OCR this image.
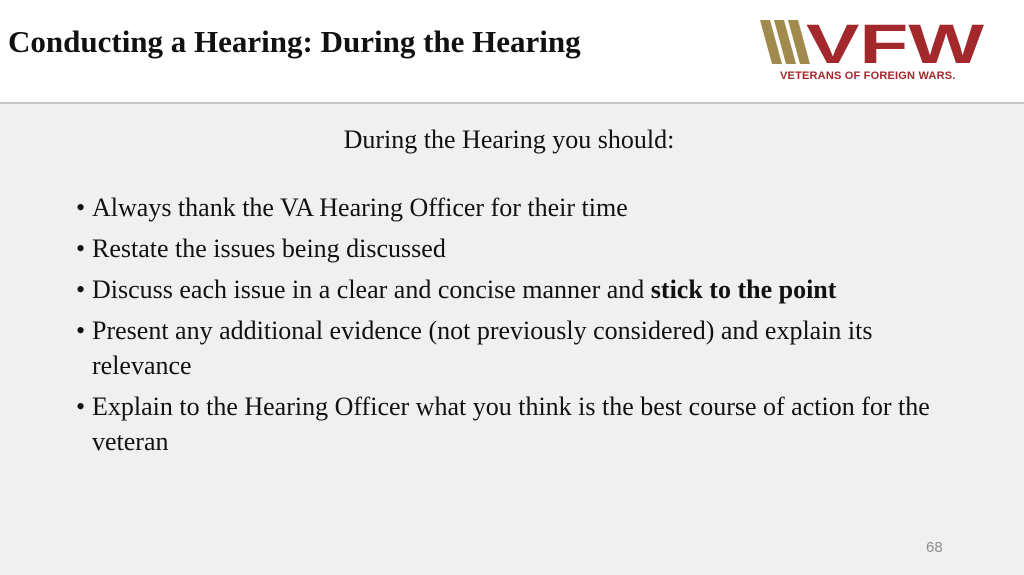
Conducting a Hearing: During the Hearing	VFW
VETERANS OF FOREIGN WARS.
During the Hearing you should:
• Always thank the VA Hearing Officer for their time
• Restate the issues being discussed
• Discuss each issue in a clear and concise manner and stick to the point
• Present any additional evidence (not previously considered) and explain its relevance
• Explain to the Hearing Officer what you think is the best course of action for the veteran
68
